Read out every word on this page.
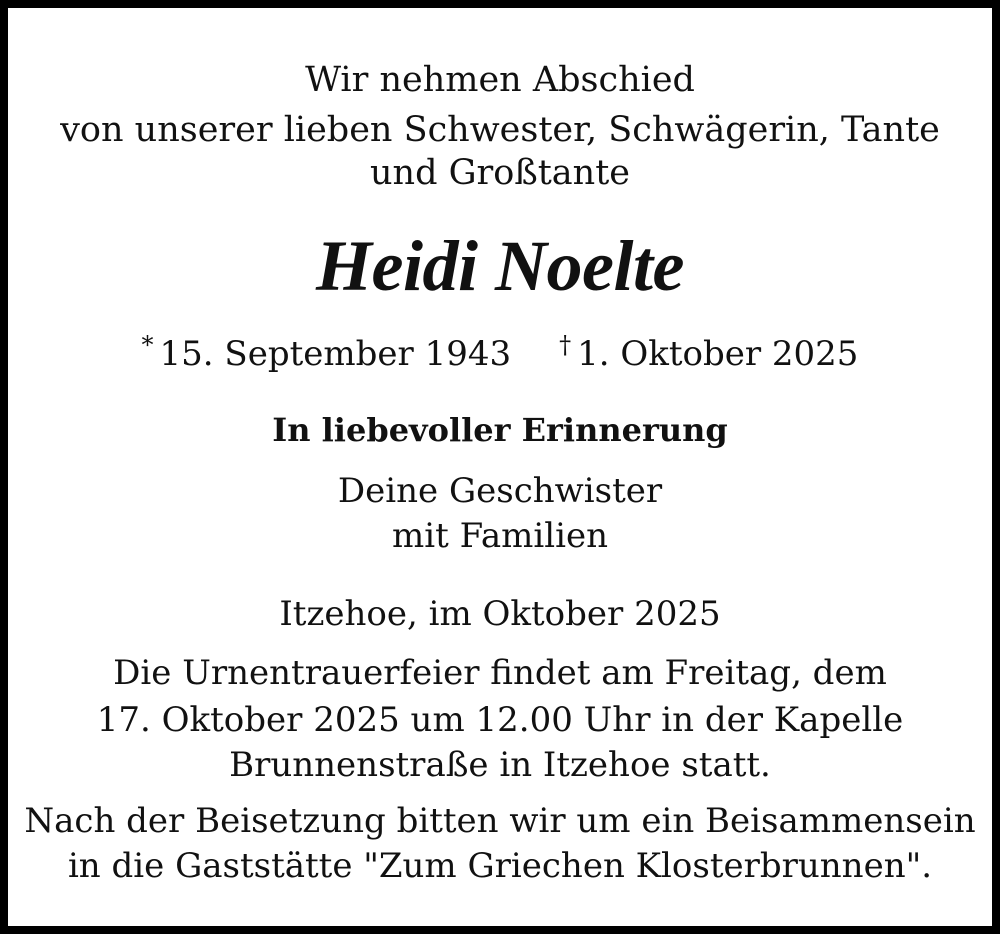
Wir nehmen Abschied

von unserer lieben Schwester, Schwägerin, Tante

und Großtante

Heidi Noelte

* 15. September 1943 † 1. Oktober 2025

In liebevoller Erinnerung

Deine Geschwister

mit Familien

Itzehoe, im Oktober 2025

Die Urnentrauerfeier findet am Freitag, dem

17. Oktober 2025 um 12.00 Uhr in der Kapelle

Brunnenstraße in Itzehoe statt.

Nach der Beisetzung bitten wir um ein Beisammensein

in die Gaststätte "Zum Griechen Klosterbrunnen".
